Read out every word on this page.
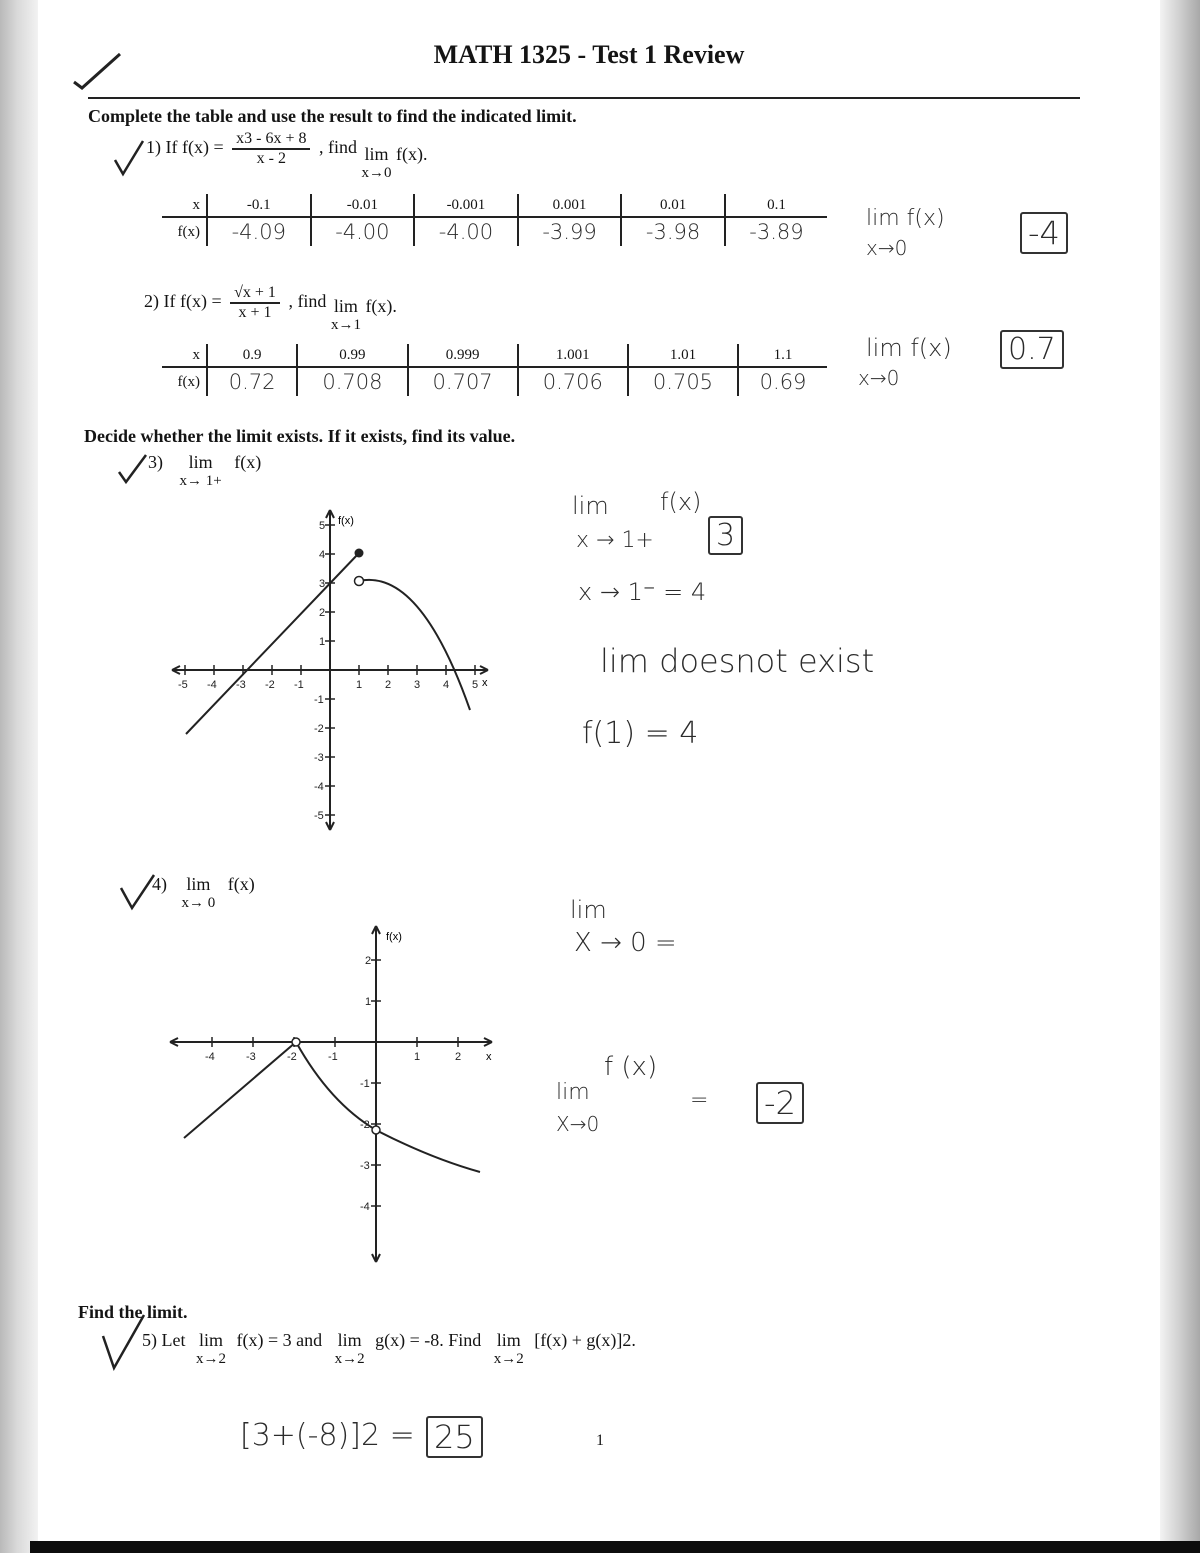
MATH 1325 - Test 1 Review
Complete the table and use the result to find the indicated limit.
1) If $f(x) = \frac{x3 - 6x + 8}{x - 2}$ , find lim
x→0
f(x).
x	-0.1	-0.01	-0.001	0.001	0.01	0.1
f(x)	-4.09	-4.00	-4.00	-3.99	-3.98	-3.89
lim f(x)
x→0	-4
2) If $f(x) = \frac{√x + 1}{x + 1}$ , find lim
x→1
f(x).
x	0.9	0.99	0.999	1.001	1.01	1.1
f(x)	0.72	0.708	0.707	0.706	0.705	0.69
lim f(x)
x→0
0.7
Decide whether the limit exists. If it exists, find its value.
3) lim
x→ 1+
f(x)
-5 -4 -3 -2 -1	1 2 3 4 5
5
4
3
2
1
-1
-2
-3
-4
-5
f(x)
x
lim f(x)
x → 1+ 3
x → 1⁻ = 4
lim doesnot exist
f(1) = 4
4) lim
x→ 0
f(x)
-4	-3	-2	-1	1	2
2
1
-1
-2
-3
-4
f(x)
x
lim
X → 0 =
f (x)
lim
X→0
= -2
Find the limit.
5) Let lim
x→2
f(x) = 3 and lim
x→2
g(x) = -8. Find lim
x→2
[f(x) + g(x)]2.
[3+(-8)]2 = 25	1
